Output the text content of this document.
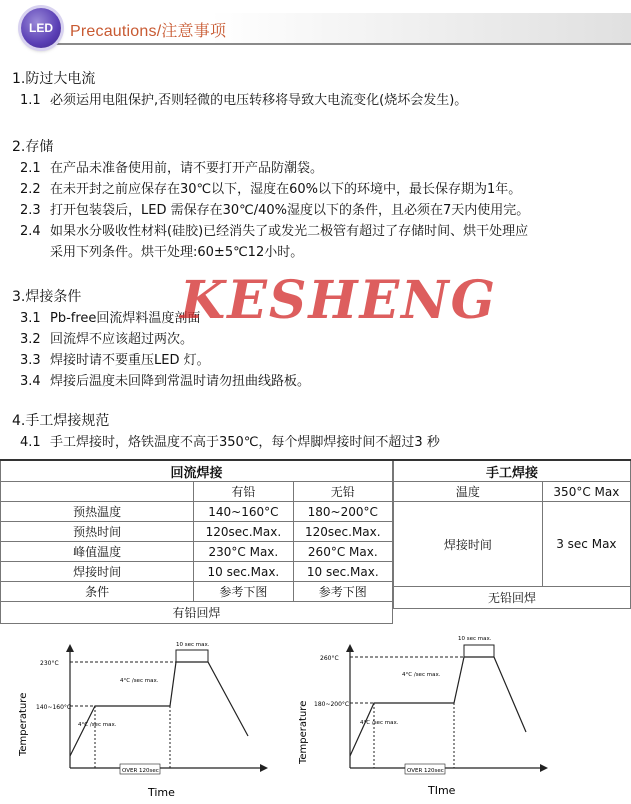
LED	Precautions/注意事项

1.防过大电流

1.1 必须运用电阻保护,否则轻微的电压转移将导致大电流变化(烧坏会发生)。

2.存储

2.1 在产品未准备使用前，请不要打开产品防潮袋。

2.2 在未开封之前应保存在30℃以下，湿度在60%以下的环境中，最长保存期为1年。

2.3 打开包装袋后，LED 需保存在30℃/40%湿度以下的条件，且必须在7天内使用完。

2.4 如果水分吸收性材料(硅胶)已经消失了或发光二极管有超过了存储时间、烘干处理应

采用下列条件。烘干处理:60±5℃12小时。

3.焊接条件

3.1 Pb-free回流焊料温度剖面

3.2 回流焊不应该超过两次。

3.3 焊接时请不要重压LED 灯。

3.4 焊接后温度未回降到常温时请勿扭曲线路板。

4.手工焊接规范

4.1 手工焊接时，烙铁温度不高于350℃，每个焊脚焊接时间不超过3 秒

KESHENG
回流焊接		
	有铅	无铅
预热温度	140~160°C	180~200°C
预热时间	120sec.Max.	120sec.Max.
峰值温度	230°C Max.	260°C Max.
焊接时间	10 sec.Max.	10 sec.Max.
条件	参考下图	参考下图
有铅回焊		
手工焊接	
温度	350°C Max
焊接时间	3 sec Max

无铅回焊	
Temperature
Time
230°C
140~160°C
10 sec max.
4°C /sec max.
4°C /sec max.
OVER 120sec
Temperature
TIme
260°C
180~200°C
10 sec max.
4°C /sec max.
4°C /sec max.
OVER 120sec
